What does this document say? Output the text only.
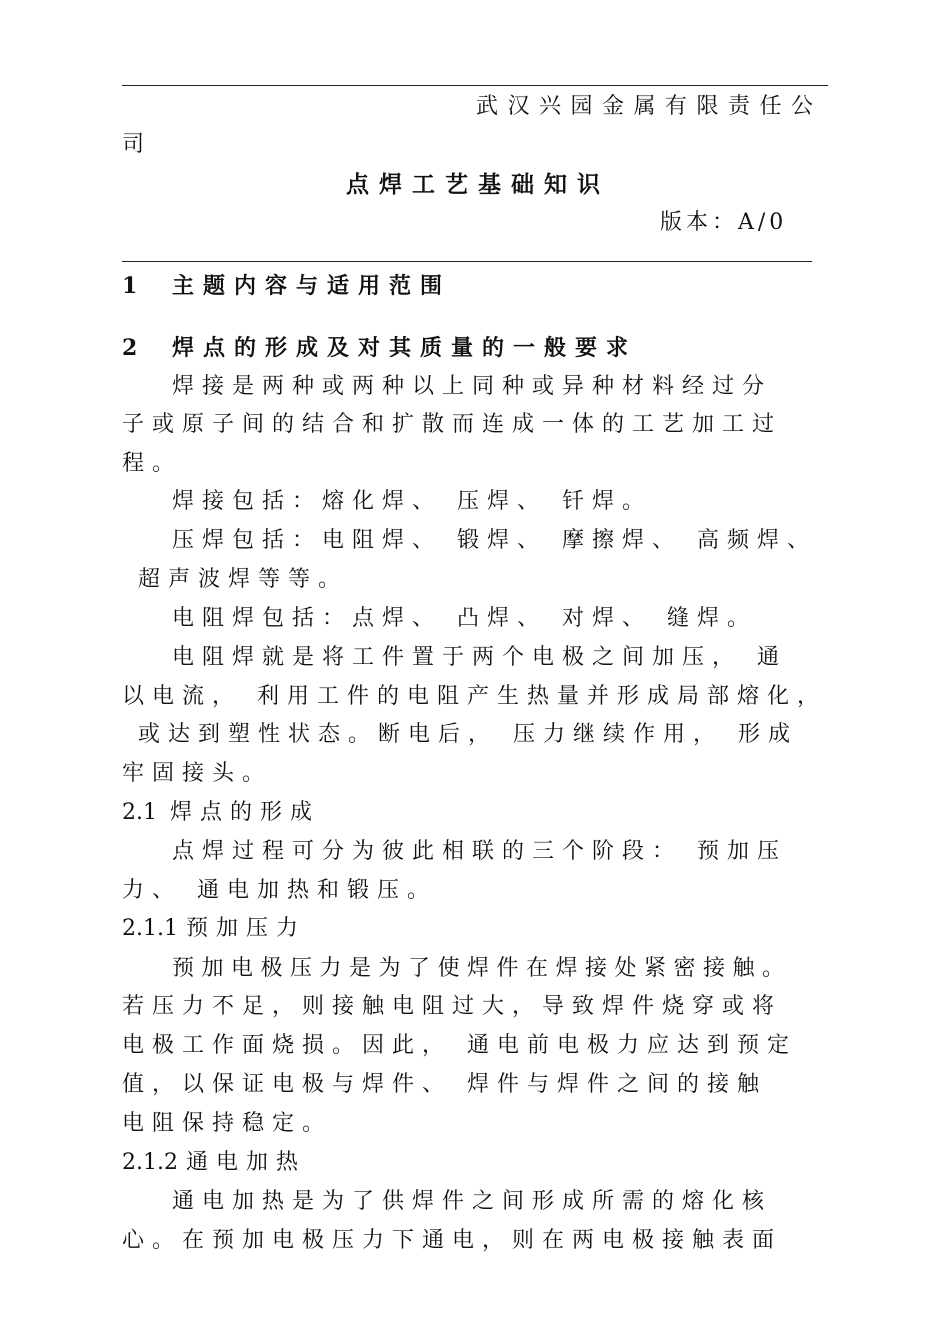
武汉兴园金属有限责任公
司
点焊工艺基础知识
版本：A/0
1 主题内容与适用范围
2 焊点的形成及对其质量的一般要求
焊接是两种或两种以上同种或异种材料经过分
子或原子间的结合和扩散而连成一体的工艺加工过
程。
焊接包括：熔化焊、 压焊、 钎焊。
压焊包括：电阻焊、 锻焊、 摩擦焊、 高频焊、
超声波焊等等。
电阻焊包括：点焊、 凸焊、 对焊、 缝焊。
电阻焊就是将工件置于两个电极之间加压， 通
以电流， 利用工件的电阻产生热量并形成局部熔化，
或达到塑性状态。断电后， 压力继续作用， 形成
牢固接头。
2.1 焊点的形成
点焊过程可分为彼此相联的三个阶段： 预加压
力、 通电加热和锻压。
2.1.1 预加压力
预加电极压力是为了使焊件在焊接处紧密接触。
若压力不足，则接触电阻过大，导致焊件烧穿或将
电极工作面烧损。因此， 通电前电极力应达到预定
值，以保证电极与焊件、 焊件与焊件之间的接触
电阻保持稳定。
2.1.2 通电加热
通电加热是为了供焊件之间形成所需的熔化核
心。在预加电极压力下通电，则在两电极接触表面
